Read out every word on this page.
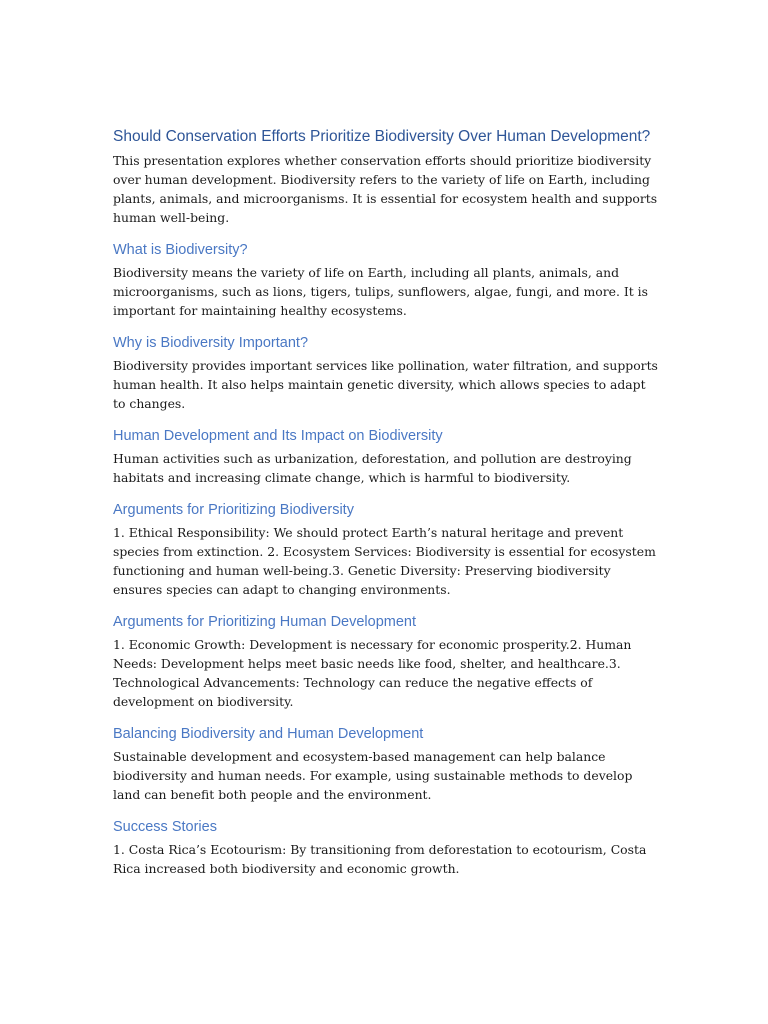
Should Conservation Efforts Prioritize Biodiversity Over Human Development?

This presentation explores whether conservation efforts should prioritize biodiversity over human development. Biodiversity refers to the variety of life on Earth, including plants, animals, and microorganisms. It is essential for ecosystem health and supports human well-being.

What is Biodiversity?

Biodiversity means the variety of life on Earth, including all plants, animals, and microorganisms, such as lions, tigers, tulips, sunflowers, algae, fungi, and more. It is important for maintaining healthy ecosystems.

Why is Biodiversity Important?

Biodiversity provides important services like pollination, water filtration, and supports human health. It also helps maintain genetic diversity, which allows species to adapt to changes.

Human Development and Its Impact on Biodiversity

Human activities such as urbanization, deforestation, and pollution are destroying habitats and increasing climate change, which is harmful to biodiversity.

Arguments for Prioritizing Biodiversity

1. Ethical Responsibility: We should protect Earth’s natural heritage and prevent species from extinction. 2. Ecosystem Services: Biodiversity is essential for ecosystem functioning and human well-being.3. Genetic Diversity: Preserving biodiversity ensures species can adapt to changing environments.

Arguments for Prioritizing Human Development

1. Economic Growth: Development is necessary for economic prosperity.2. Human Needs: Development helps meet basic needs like food, shelter, and healthcare.3. Technological Advancements: Technology can reduce the negative effects of development on biodiversity.

Balancing Biodiversity and Human Development

Sustainable development and ecosystem-based management can help balance biodiversity and human needs. For example, using sustainable methods to develop land can benefit both people and the environment.

Success Stories

1. Costa Rica’s Ecotourism: By transitioning from deforestation to ecotourism, Costa Rica increased both biodiversity and economic growth.
